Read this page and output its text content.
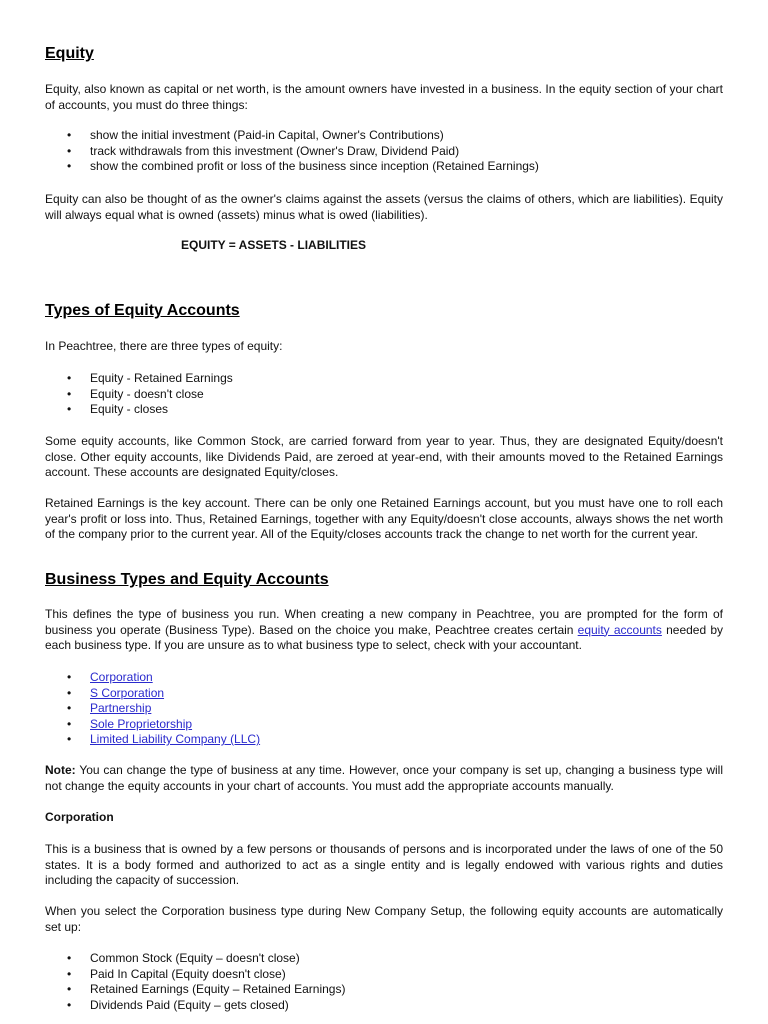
Equity

Equity, also known as capital or net worth, is the amount owners have invested in a business. In the equity section of your chart of accounts, you must do three things:

• show the initial investment (Paid-in Capital, Owner's Contributions)
• track withdrawals from this investment (Owner's Draw, Dividend Paid)
• show the combined profit or loss of the business since inception (Retained Earnings)

Equity can also be thought of as the owner's claims against the assets (versus the claims of others, which are liabilities). Equity will always equal what is owned (assets) minus what is owed (liabilities).

EQUITY = ASSETS - LIABILITIES

Types of Equity Accounts

In Peachtree, there are three types of equity:

• Equity - Retained Earnings
• Equity - doesn't close
• Equity - closes

Some equity accounts, like Common Stock, are carried forward from year to year. Thus, they are designated Equity/doesn't close. Other equity accounts, like Dividends Paid, are zeroed at year-end, with their amounts moved to the Retained Earnings account. These accounts are designated Equity/closes.

Retained Earnings is the key account. There can be only one Retained Earnings account, but you must have one to roll each year's profit or loss into. Thus, Retained Earnings, together with any Equity/doesn't close accounts, always shows the net worth of the company prior to the current year. All of the Equity/closes accounts track the change to net worth for the current year.

Business Types and Equity Accounts

This defines the type of business you run. When creating a new company in Peachtree, you are prompted for the form of business you operate (Business Type). Based on the choice you make, Peachtree creates certain equity accounts needed by each business type. If you are unsure as to what business type to select, check with your accountant.

• Corporation
• S Corporation
• Partnership
• Sole Proprietorship
• Limited Liability Company (LLC)

Note: You can change the type of business at any time. However, once your company is set up, changing a business type will not change the equity accounts in your chart of accounts. You must add the appropriate accounts manually.

Corporation

This is a business that is owned by a few persons or thousands of persons and is incorporated under the laws of one of the 50 states. It is a body formed and authorized to act as a single entity and is legally endowed with various rights and duties including the capacity of succession.

When you select the Corporation business type during New Company Setup, the following equity accounts are automatically set up:

• Common Stock (Equity – doesn't close)
• Paid In Capital (Equity doesn't close)
• Retained Earnings (Equity – Retained Earnings)
• Dividends Paid (Equity – gets closed)
